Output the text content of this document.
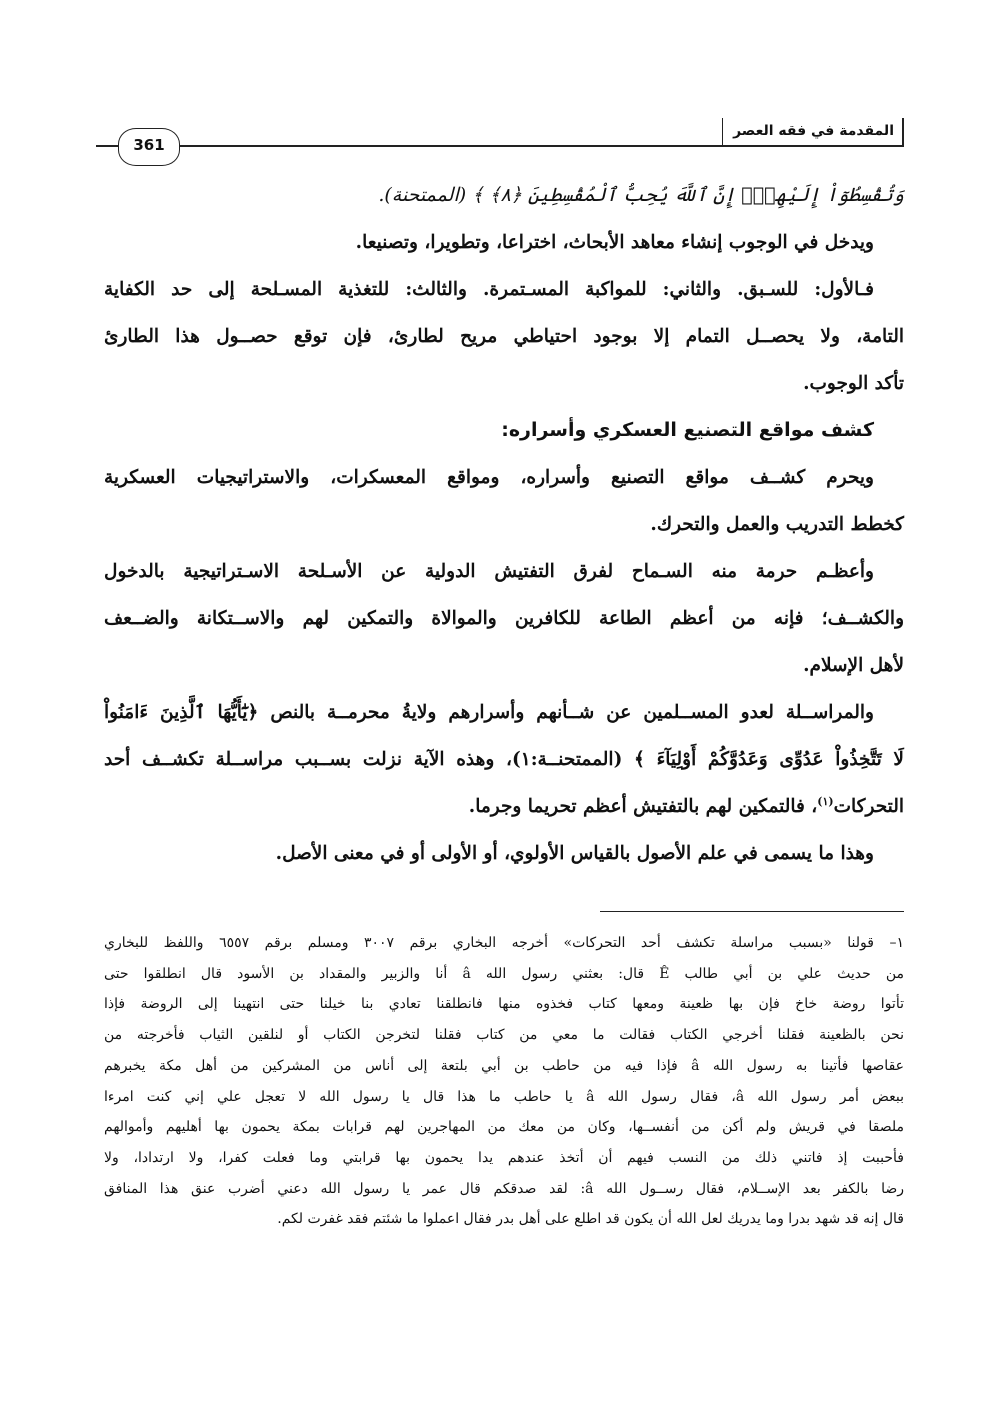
المقدمة في فقه العصر
361
وَتُقْسِطُوٓاْ إِلَيْهِمْۚ إِنَّ ٱللَّهَ يُحِبُّ ٱلْمُقْسِطِينَ ﴿٨﴾ ﴾ (الممتحنة).
ويدخل في الوجوب إنشاء معاهد الأبحاث، اختراعا، وتطويرا، وتصنيعا.
فـالأول: للسـبق. والثاني: للمواكبة المسـتمرة. والثالث: للتغذية المسـلحة إلى حد الكفاية
التامة، ولا يحصــل التمام إلا بوجود احتياطي مريح لطارئ، فإن توقع حصــول هذا الطارئ
تأكد الوجوب.
كشف مواقع التصنيع العسكري وأسراره:
ويحرم كشــف مواقع التصنيع وأسراره، ومواقع المعسكرات، والاستراتيجيات العسكرية
كخطط التدريب والعمل والتحرك.
وأعظـم حرمة منه السـماح لفرق التفتيش الدولية عن الأسـلحة الاسـتراتيجية بالدخول
والكشــف؛ فإنه من أعظم الطاعة للكافرين والموالاة والتمكين لهم والاســتكانة والضــعف
لأهل الإسلام.
والمراســلة لعدو المســلمين عن شــأنهم وأسرارهم ولايةُ محرمــة بالنص ﴿يَٰٓأَيُّهَا ٱلَّذِينَ ءَامَنُواْ
لَا تَتَّخِذُواْ عَدُوِّى وَعَدُوَّكُمْ أَوْلِيَآءَ ﴾ (الممتحنــة:١)، وهذه الآية نزلت بســبب مراســلة تكشــف أحد
التحركات$^{(١)}$، فالتمكين لهم بالتفتيش أعظم تحريما وجرما.
وهذا ما يسمى في علم الأصول بالقياس الأولوي، أو الأولى أو في معنى الأصل.
١– قولنا «بسبب مراسلة تكشف أحد التحركات» أخرجه البخاري برقم ٣٠٠٧ ومسلم برقم ٦٥٥٧ واللفظ للبخاري
من حديث علي بن أبي طالب Ê قال: بعثني رسول الله â أنا والزبير والمقداد بن الأسود قال انطلقوا حتى
تأتوا روضة خاخ فإن بها ظعينة ومعها كتاب فخذوه منها فانطلقنا تعادي بنا خيلنا حتى انتهينا إلى الروضة فإذا
نحن بالظعينة فقلنا أخرجي الكتاب فقالت ما معي من كتاب فقلنا لتخرجن الكتاب أو لنلقين الثياب فأخرجته من
عقاصها فأتينا به رسول الله â فإذا فيه من حاطب بن أبي بلتعة إلى أناس من المشركين من أهل مكة يخبرهم
ببعض أمر رسول الله â، فقال رسول الله â يا حاطب ما هذا قال يا رسول الله لا تعجل علي إني كنت امرءا
ملصقا في قريش ولم أكن من أنفســها، وكان من معك من المهاجرين لهم قرابات بمكة يحمون بها أهليهم وأموالهم
فأحببت إذ فاتني ذلك من النسب فيهم أن أتخذ عندهم يدا يحمون بها قرابتي وما فعلت كفرا، ولا ارتدادا، ولا
رضا بالكفر بعد الإســلام، فقال رســول الله â: لقد صدقكم قال عمر يا رسول الله دعني أضرب عنق هذا المنافق
قال إنه قد شهد بدرا وما يدريك لعل الله أن يكون قد اطلع على أهل بدر فقال اعملوا ما شئتم فقد غفرت لكم.
